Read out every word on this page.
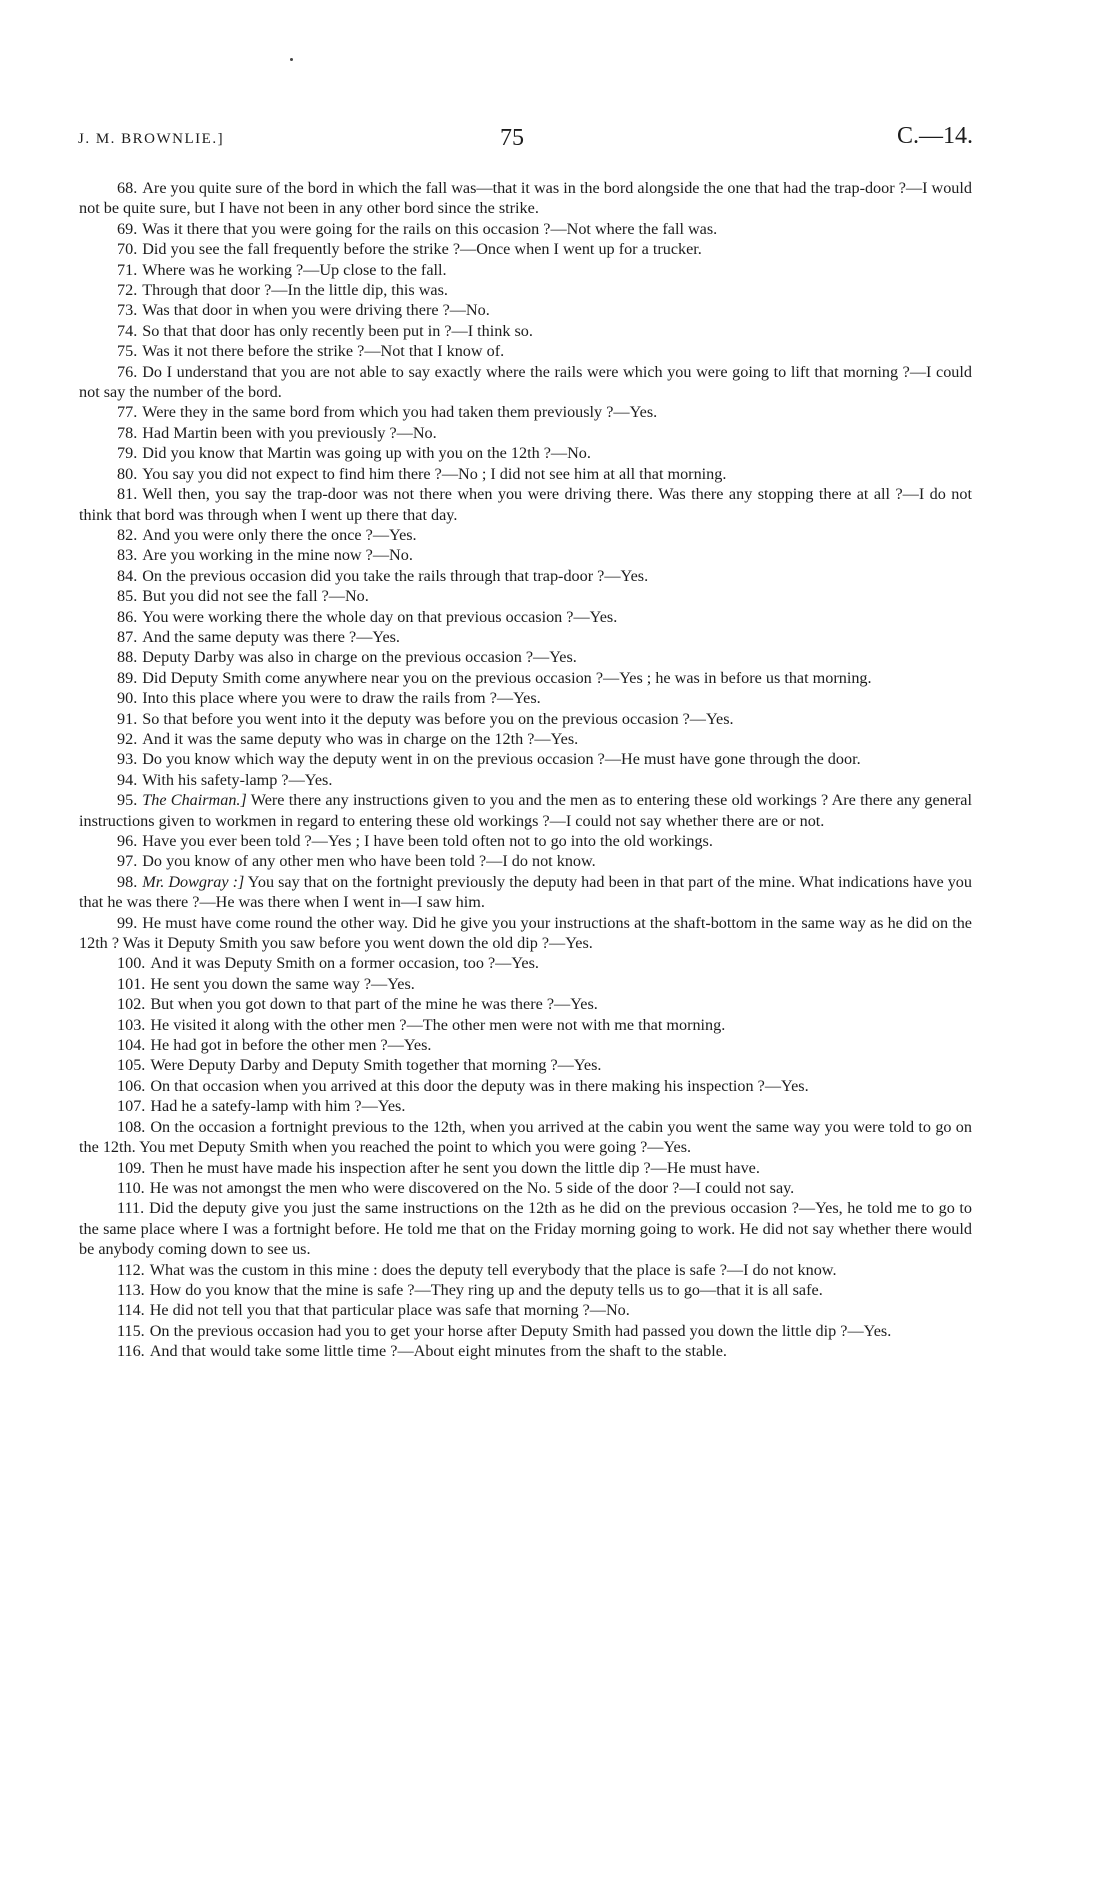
J. M. BROWNLIE.]	75	C.—14.

68. Are you quite sure of the bord in which the fall was—that it was in the bord alongside the one that had the trap-door ?—I would not be quite sure, but I have not been in any other bord since the strike.

69. Was it there that you were going for the rails on this occasion ?—Not where the fall was.

70. Did you see the fall frequently before the strike ?—Once when I went up for a trucker.

71. Where was he working ?—Up close to the fall.

72. Through that door ?—In the little dip, this was.

73. Was that door in when you were driving there ?—No.

74. So that that door has only recently been put in ?—I think so.

75. Was it not there before the strike ?—Not that I know of.

76. Do I understand that you are not able to say exactly where the rails were which you were going to lift that morning ?—I could not say the number of the bord.

77. Were they in the same bord from which you had taken them previously ?—Yes.

78. Had Martin been with you previously ?—No.

79. Did you know that Martin was going up with you on the 12th ?—No.

80. You say you did not expect to find him there ?—No ; I did not see him at all that morning.

81. Well then, you say the trap-door was not there when you were driving there. Was there any stopping there at all ?—I do not think that bord was through when I went up there that day.

82. And you were only there the once ?—Yes.

83. Are you working in the mine now ?—No.

84. On the previous occasion did you take the rails through that trap-door ?—Yes.

85. But you did not see the fall ?—No.

86. You were working there the whole day on that previous occasion ?—Yes.

87. And the same deputy was there ?—Yes.

88. Deputy Darby was also in charge on the previous occasion ?—Yes.

89. Did Deputy Smith come anywhere near you on the previous occasion ?—Yes ; he was in before us that morning.

90. Into this place where you were to draw the rails from ?—Yes.

91. So that before you went into it the deputy was before you on the previous occasion ?—Yes.

92. And it was the same deputy who was in charge on the 12th ?—Yes.

93. Do you know which way the deputy went in on the previous occasion ?—He must have gone through the door.

94. With his safety-lamp ?—Yes.

95. The Chairman.] Were there any instructions given to you and the men as to entering these old workings ? Are there any general instructions given to workmen in regard to entering these old workings ?—I could not say whether there are or not.

96. Have you ever been told ?—Yes ; I have been told often not to go into the old workings.

97. Do you know of any other men who have been told ?—I do not know.

98. Mr. Dowgray :] You say that on the fortnight previously the deputy had been in that part of the mine. What indications have you that he was there ?—He was there when I went in—I saw him.

99. He must have come round the other way. Did he give you your instructions at the shaft-bottom in the same way as he did on the 12th ? Was it Deputy Smith you saw before you went down the old dip ?—Yes.

100. And it was Deputy Smith on a former occasion, too ?—Yes.

101. He sent you down the same way ?—Yes.

102. But when you got down to that part of the mine he was there ?—Yes.

103. He visited it along with the other men ?—The other men were not with me that morning.

104. He had got in before the other men ?—Yes.

105. Were Deputy Darby and Deputy Smith together that morning ?—Yes.

106. On that occasion when you arrived at this door the deputy was in there making his inspection ?—Yes.

107. Had he a satefy-lamp with him ?—Yes.

108. On the occasion a fortnight previous to the 12th, when you arrived at the cabin you went the same way you were told to go on the 12th. You met Deputy Smith when you reached the point to which you were going ?—Yes.

109. Then he must have made his inspection after he sent you down the little dip ?—He must have.

110. He was not amongst the men who were discovered on the No. 5 side of the door ?—I could not say.

111. Did the deputy give you just the same instructions on the 12th as he did on the previous occasion ?—Yes, he told me to go to the same place where I was a fortnight before. He told me that on the Friday morning going to work. He did not say whether there would be anybody coming down to see us.

112. What was the custom in this mine : does the deputy tell everybody that the place is safe ?—I do not know.

113. How do you know that the mine is safe ?—They ring up and the deputy tells us to go—that it is all safe.

114. He did not tell you that that particular place was safe that morning ?—No.

115. On the previous occasion had you to get your horse after Deputy Smith had passed you down the little dip ?—Yes.

116. And that would take some little time ?—About eight minutes from the shaft to the stable.
